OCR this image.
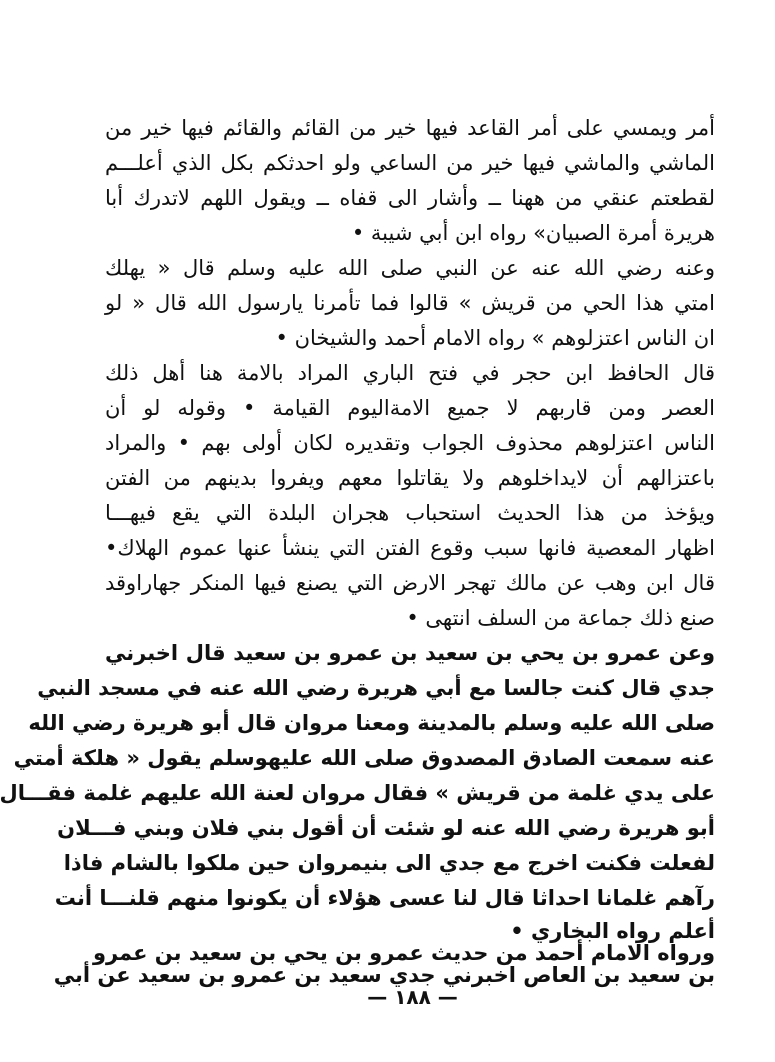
أمر ويمسي على أمر القاعد فيها خير من القائم والقائم فيها خير من
الماشي والماشي فيها خير من الساعي ولو احدثكم بكل الذي أعلـــم
لقطعتم عنقي من ههنا ــ وأشار الى قفاه ــ ويقول اللهم لاتدرك أبا
هريرة أمرة الصبيان» رواه ابن أبي شيبة •
وعنه رضي الله عنه عن النبي صلى الله عليه وسلم قال « يهلك
امتي هذا الحي من قريش » قالوا فما تأمرنا يارسول الله قال « لو
ان الناس اعتزلوهم » رواه الامام أحمد والشيخان •
قال الحافظ ابن حجر في فتح الباري المراد بالامة هنا أهل ذلك
العصر ومن قاربهم لا جميع الامةاليوم القيامة • وقوله لو أن
الناس اعتزلوهم محذوف الجواب وتقديره لكان أولى بهم • والمراد
باعتزالهم أن لايداخلوهم ولا يقاتلوا معهم ويفروا بدينهم من الفتن
ويؤخذ من هذا الحديث استحباب هجران البلدة التي يقع فيهـــا
اظهار المعصية فانها سبب وقوع الفتن التي ينشأ عنها عموم الهلاك•
قال ابن وهب عن مالك تهجر الارض التي يصنع فيها المنكر جهاراوقد
صنع ذلك جماعة من السلف انتهى •
وعن عمرو بن يحي بن سعيد بن عمرو بن سعيد قال اخبرني
جدي قال كنت جالسا مع أبي هريرة رضي الله عنه في مسجد النبي
صلى الله عليه وسلم بالمدينة ومعنا مروان قال أبو هريرة رضي الله
عنه سمعت الصادق المصدوق صلى الله عليهوسلم يقول « هلكة أمتي
على يدي غلمة من قريش » فقال مروان لعنة الله عليهم غلمة فقـــال
أبو هريرة رضي الله عنه لو شئت أن أقول بني فلان وبني فـــلان
لفعلت فكنت اخرج مع جدي الى بنيمروان حين ملكوا بالشام فاذا
رآهم غلمانا احداثا قال لنا عسى هؤلاء أن يكونوا منهم قلنـــا أنت
أعلم رواه البخاري •
ورواه الامام أحمد من حديث عمرو بن يحي بن سعيد بن عمرو
بن سعيد بن العاص اخبرني جدي سعيد بن عمرو بن سعيد عن أبي
— ١٨٨ —
